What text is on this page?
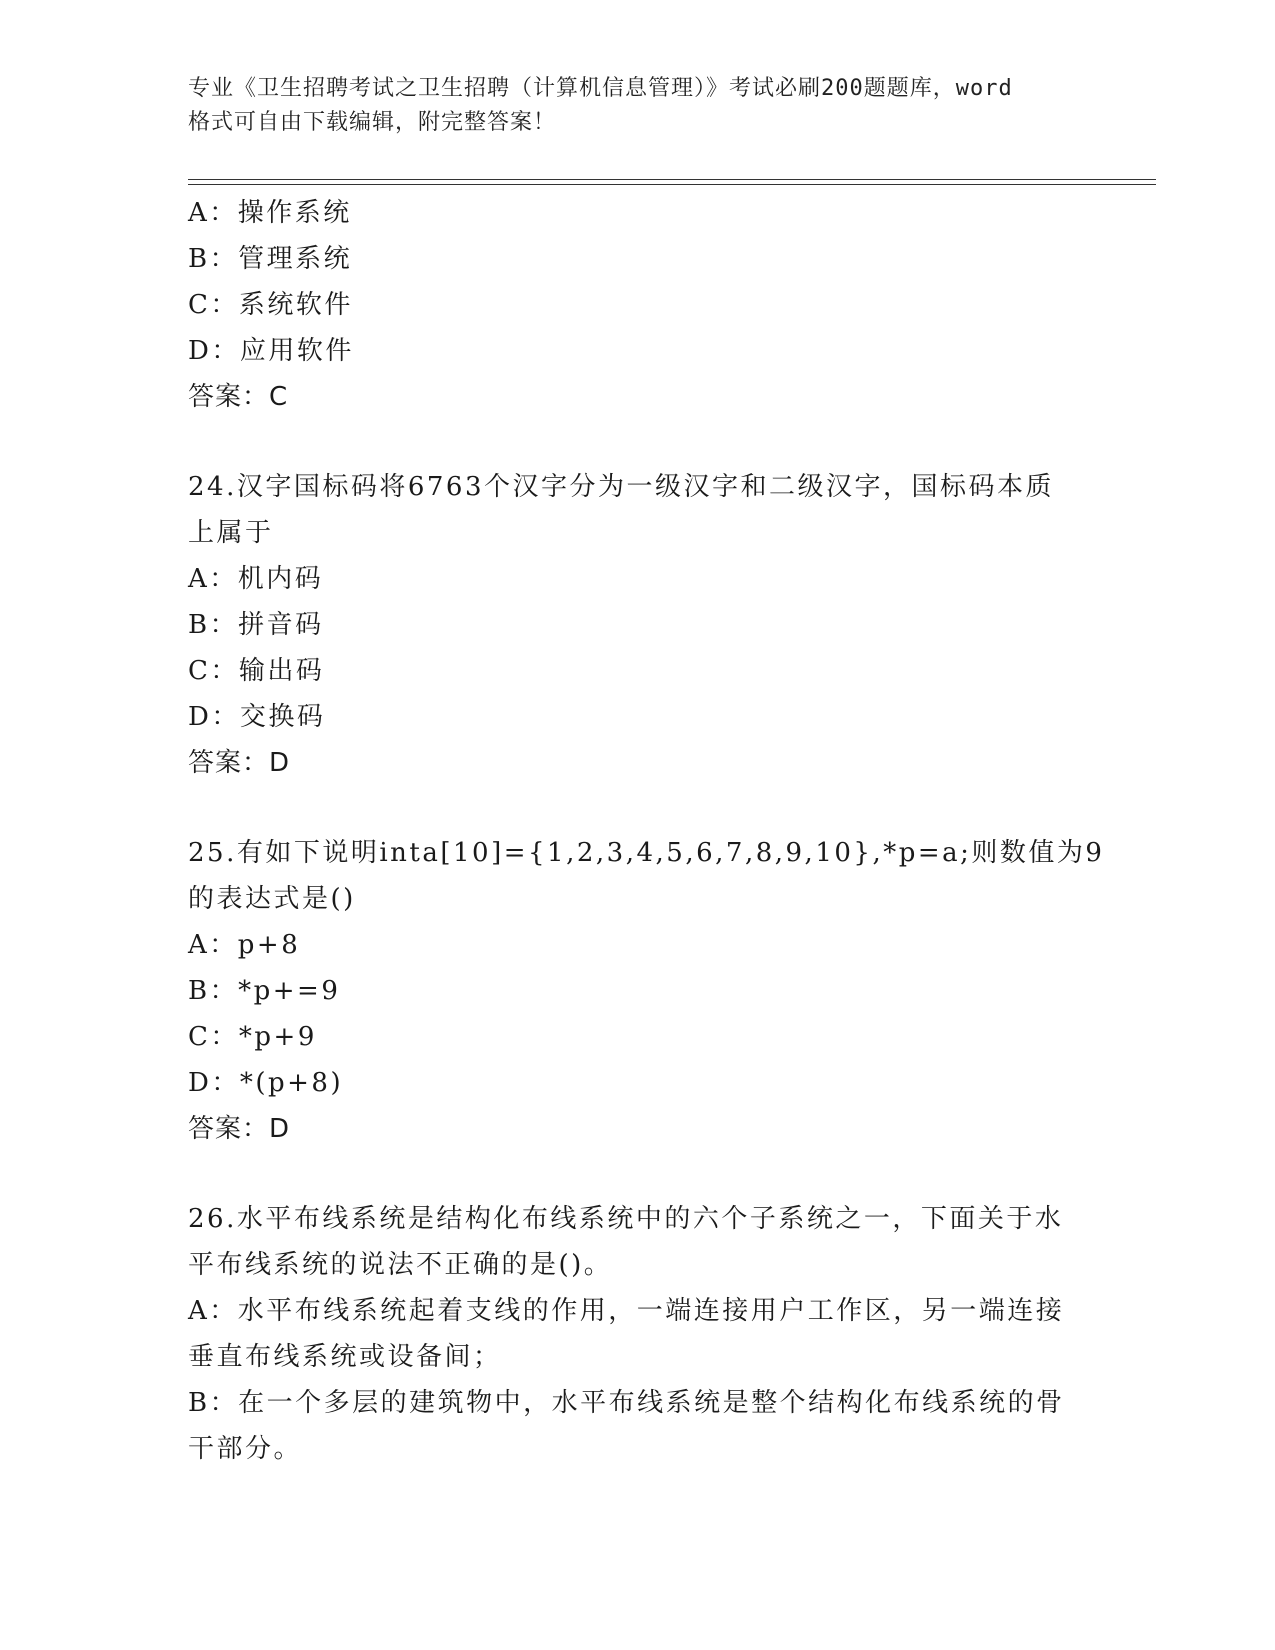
专业《卫生招聘考试之卫生招聘（计算机信息管理）》考试必刷200题题库，word
格式可自由下载编辑，附完整答案！
A：操作系统
B：管理系统
C：系统软件
D：应用软件
答案：C
24.汉字国标码将6763个汉字分为一级汉字和二级汉字，国标码本质
上属于
A：机内码
B：拼音码
C：输出码
D：交换码
答案：D
25.有如下说明inta[10]={1,2,3,4,5,6,7,8,9,10},*p=a;则数值为9
的表达式是()
A：p+8
B：*p+=9
C：*p+9
D：*(p+8)
答案：D
26.水平布线系统是结构化布线系统中的六个子系统之一，下面关于水
平布线系统的说法不正确的是()。
A：水平布线系统起着支线的作用，一端连接用户工作区，另一端连接
垂直布线系统或设备间；
B：在一个多层的建筑物中，水平布线系统是整个结构化布线系统的骨
干部分。
